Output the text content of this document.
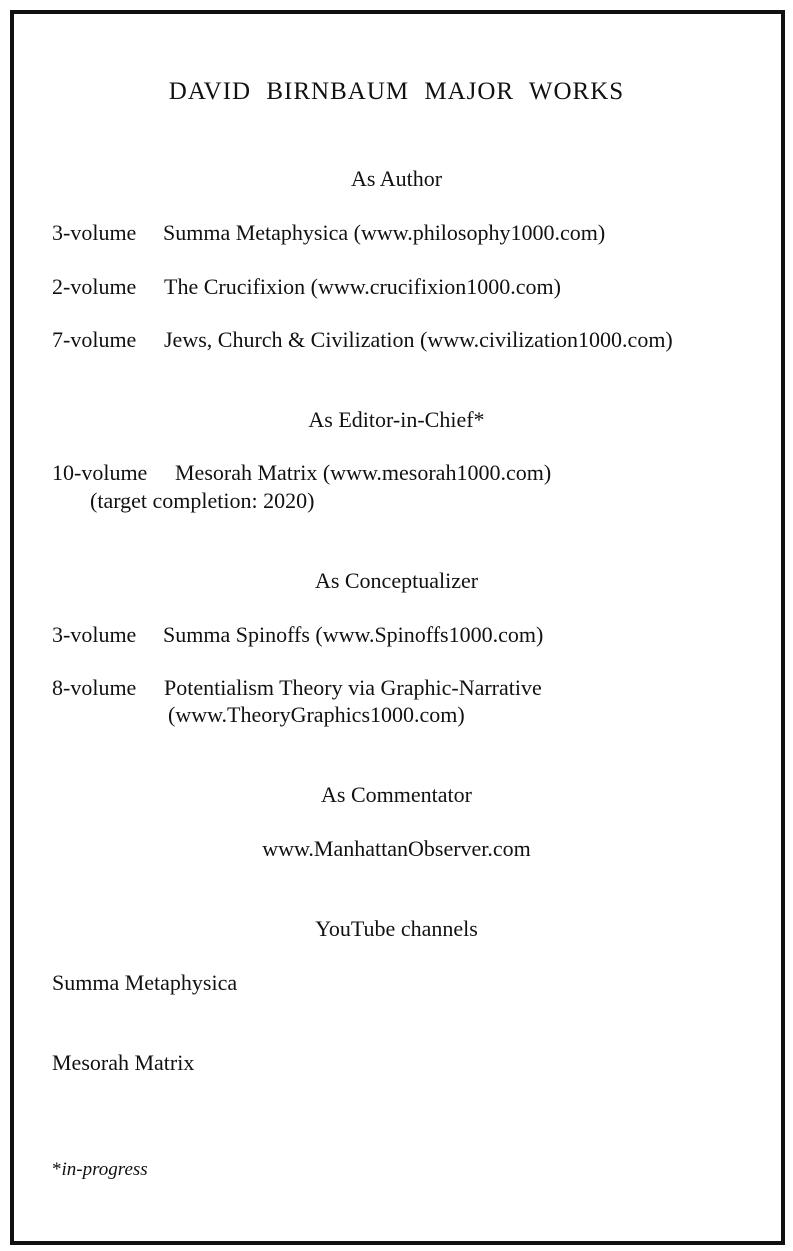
DAVID BIRNBAUM MAJOR WORKS
As Author
3-volume Summa Metaphysica (www.philosophy1000.com)
2-volume The Crucifixion (www.crucifixion1000.com)
7-volume Jews, Church & Civilization (www.civilization1000.com)
As Editor-in-Chief*
10-volume Mesorah Matrix (www.mesorah1000.com)
(target completion: 2020)
As Conceptualizer
3-volume Summa Spinoffs (www.Spinoffs1000.com)
8-volume Potentialism Theory via Graphic-Narrative
(www.TheoryGraphics1000.com)
As Commentator
www.ManhattanObserver.com
YouTube channels
Summa Metaphysica
Mesorah Matrix
*in-progress
